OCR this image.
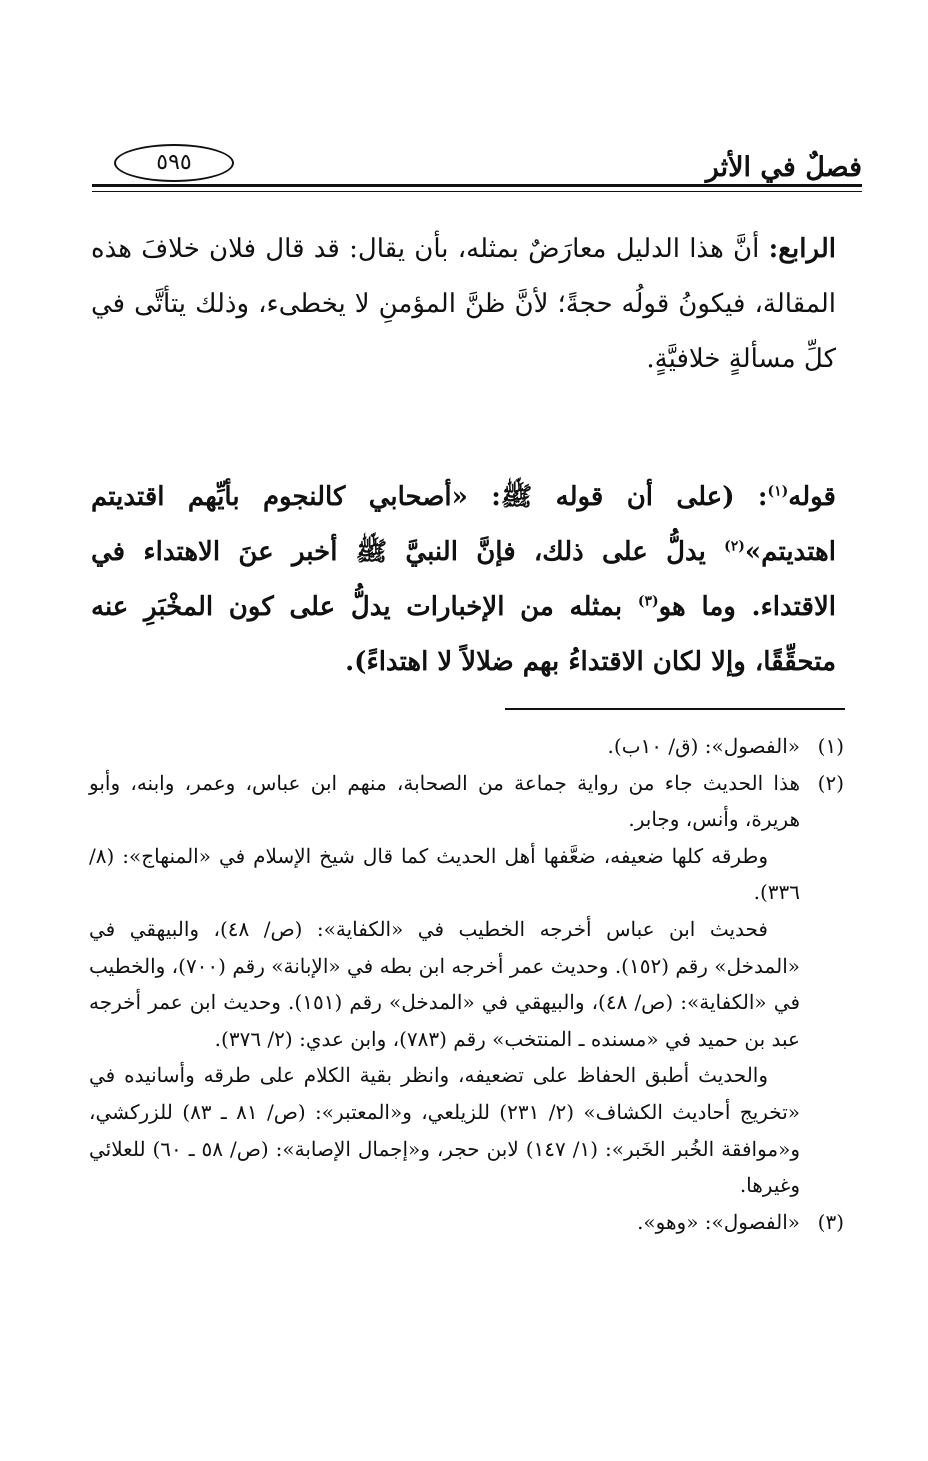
فصلٌ في الأثر
٥٩٥
الرابع: أنَّ هذا الدليل معارَضٌ بمثله، بأن يقال: قد قال فلان خلافَ هذه المقالة، فيكونُ قولُه حجةً؛ لأنَّ ظنَّ المؤمنِ لا يخطىء، وذلك يتأتَّى في كلِّ مسألةٍ خلافيَّةٍ.
قوله$^{(١)}$: (على أن قوله ﷺ: «أصحابي كالنجوم بأيِّهم اقتديتم اهتديتم»$^{(٢)}$ يدلُّ على ذلك، فإنَّ النبيَّ ﷺ أخبر عنَ الاهتداء في الاقتداء. وما هو$^{(٣)}$ بمثله من الإخبارات يدلُّ على كون المخْبَرِ عنه متحقِّقًا، وإلا لكان الاقتداءُ بهم ضلالاً لا اهتداءً).
(١)
«الفصول»: (ق/ ١٠ب).
(٢)
هذا الحديث جاء من رواية جماعة من الصحابة، منهم ابن عباس، وعمر، وابنه، وأبو هريرة، وأنس، وجابر.
وطرقه كلها ضعيفه، ضعَّفها أهل الحديث كما قال شيخ الإسلام في «المنهاج»: (٨/ ٣٣٦).
فحديث ابن عباس أخرجه الخطيب في «الكفاية»: (ص/ ٤٨)، والبيهقي في «المدخل» رقم (١٥٢). وحديث عمر أخرجه ابن بطه في «الإبانة» رقم (٧٠٠)، والخطيب في «الكفاية»: (ص/ ٤٨)، والبيهقي في «المدخل» رقم (١٥١). وحديث ابن عمر أخرجه عبد بن حميد في «مسنده ـ المنتخب» رقم (٧٨٣)، وابن عدي: (٢/ ٣٧٦).
والحديث أطبق الحفاظ على تضعيفه، وانظر بقية الكلام على طرقه وأسانيده في «تخريج أحاديث الكشاف» (٢/ ٢٣١) للزيلعي، و«المعتبر»: (ص/ ٨١ ـ ٨٣) للزركشي، و«موافقة الخُبر الخَبر»: (١/ ١٤٧) لابن حجر، و«إجمال الإصابة»: (ص/ ٥٨ ـ ٦٠) للعلائي وغيرها.
(٣)
«الفصول»: «وهو».
